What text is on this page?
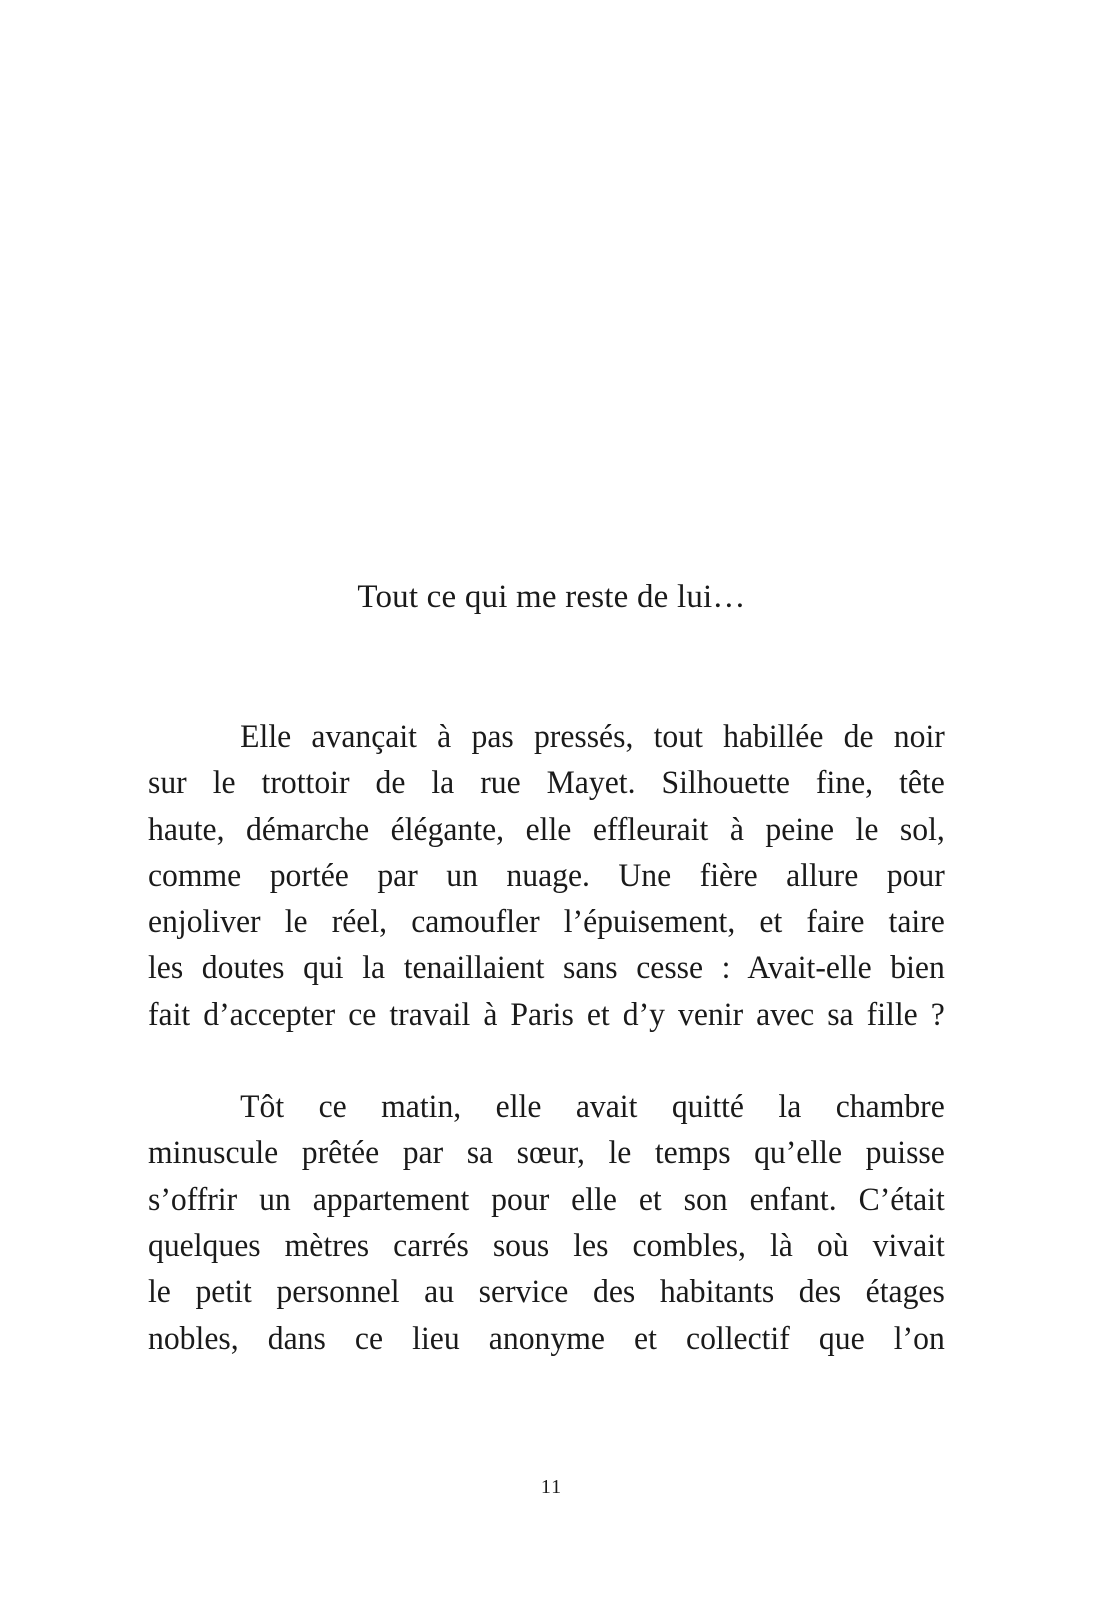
Tout ce qui me reste de lui…

Elle avançait à pas pressés, tout habillée de noir
sur le trottoir de la rue Mayet. Silhouette fine, tête
haute, démarche élégante, elle effleurait à peine le sol,
comme portée par un nuage. Une fière allure pour
enjoliver le réel, camoufler l’épuisement, et faire taire
les doutes qui la tenaillaient sans cesse : Avait-elle bien
fait d’accepter ce travail à Paris et d’y venir avec sa fille ?

Tôt ce matin, elle avait quitté la chambre
minuscule prêtée par sa sœur, le temps qu’elle puisse
s’offrir un appartement pour elle et son enfant. C’était
quelques mètres carrés sous les combles, là où vivait
le petit personnel au service des habitants des étages
nobles, dans ce lieu anonyme et collectif que l’on

11
